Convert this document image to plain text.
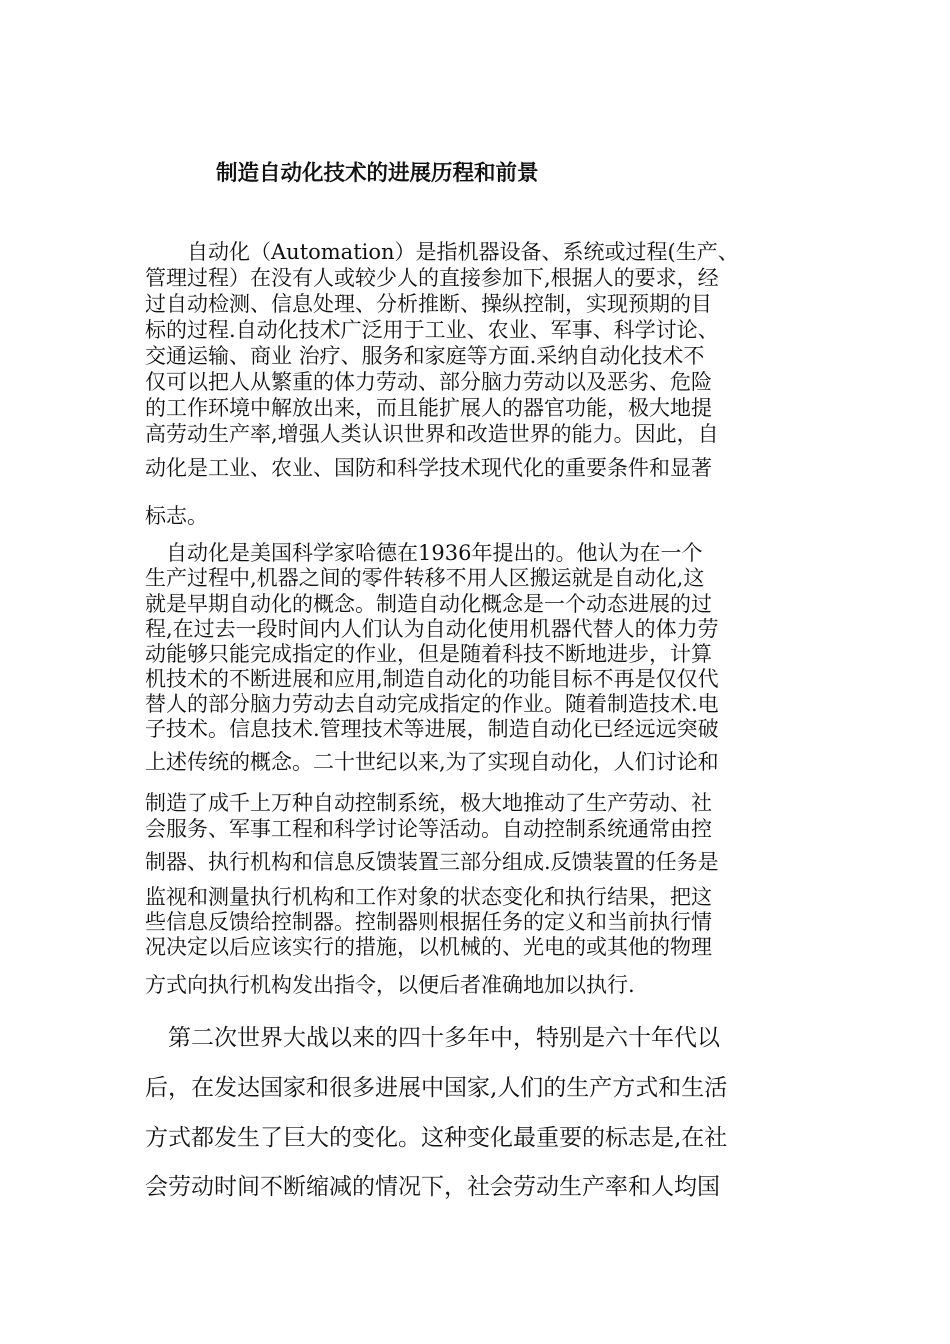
制造自动化技术的进展历程和前景
　　自动化（Automation）是指机器设备、系统或过程(生产、
管理过程）在没有人或较少人的直接参加下,根据人的要求，经
过自动检测、信息处理、分析推断、操纵控制，实现预期的目
标的过程.自动化技术广泛用于工业、农业、军事、科学讨论、
交通运输、商业 治疗、服务和家庭等方面.采纳自动化技术不
仅可以把人从繁重的体力劳动、部分脑力劳动以及恶劣、危险
的工作环境中解放出来，而且能扩展人的器官功能，极大地提
高劳动生产率,增强人类认识世界和改造世界的能力。因此，自
动化是工业、农业、国防和科学技术现代化的重要条件和显著
标志。
　自动化是美国科学家哈德在1936年提出的。他认为在一个
生产过程中,机器之间的零件转移不用人区搬运就是自动化,这
就是早期自动化的概念。制造自动化概念是一个动态进展的过
程,在过去一段时间内人们认为自动化使用机器代替人的体力劳
动能够只能完成指定的作业，但是随着科技不断地进步，计算
机技术的不断进展和应用,制造自动化的功能目标不再是仅仅代
替人的部分脑力劳动去自动完成指定的作业。随着制造技术.电
子技术。信息技术.管理技术等进展，制造自动化已经远远突破
上述传统的概念。二十世纪以来,为了实现自动化，人们讨论和
制造了成千上万种自动控制系统，极大地推动了生产劳动、社
会服务、军事工程和科学讨论等活动。自动控制系统通常由控
制器、执行机构和信息反馈装置三部分组成.反馈装置的任务是
监视和测量执行机构和工作对象的状态变化和执行结果，把这
些信息反馈给控制器。控制器则根据任务的定义和当前执行情
况决定以后应该实行的措施，以机械的、光电的或其他的物理
方式向执行机构发出指令，以便后者准确地加以执行.
　第二次世界大战以来的四十多年中，特别是六十年代以
后，在发达国家和很多进展中国家,人们的生产方式和生活
方式都发生了巨大的变化。这种变化最重要的标志是,在社
会劳动时间不断缩减的情况下，社会劳动生产率和人均国
